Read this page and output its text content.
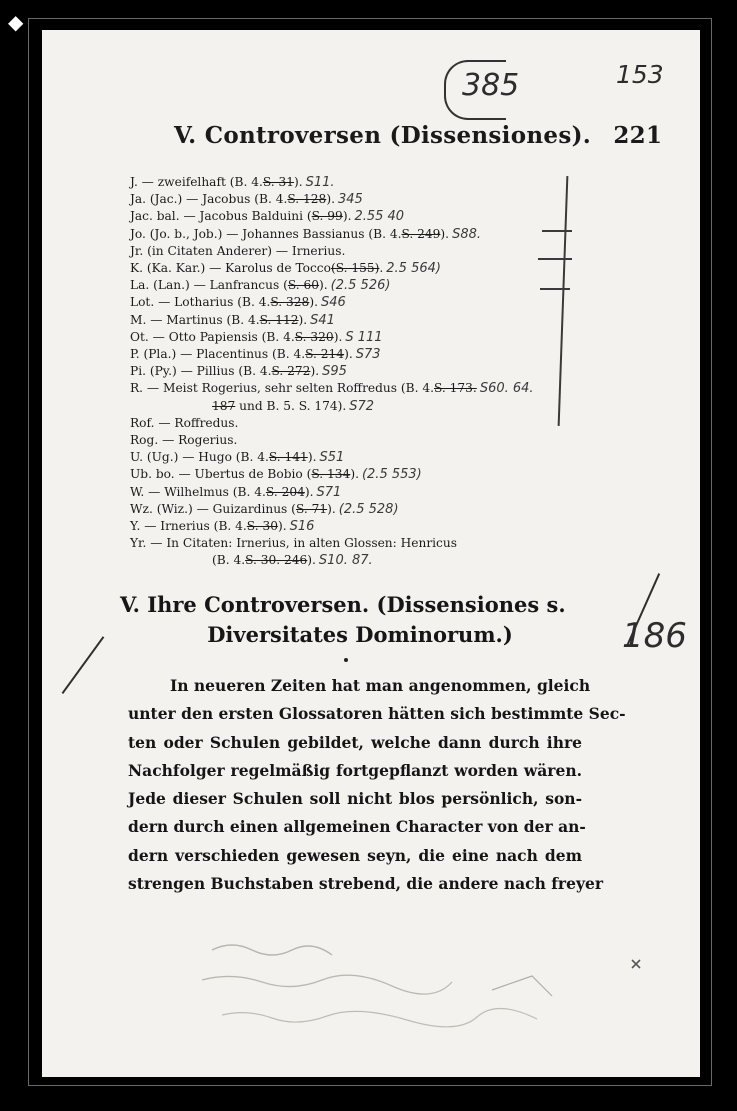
◆
153
385
V. Controversen (Dissensiones). 221
J. — zweifelhaft (B. 4.S. 31). S11.
Ja. (Jac.) — Jacobus (B. 4.S. 128). 345
Jac. bal. — Jacobus Balduini (S. 99). 2.55 40
Jo. (Jo. b., Job.) — Johannes Bassianus (B. 4.S. 249). S88.
Jr. (in Citaten Anderer) — Irnerius.
K. (Ka. Kar.) — Karolus de Tocco(S. 155). 2.5 564)
La. (Lan.) — Lanfrancus (S. 60). (2.5 526)
Lot. — Lotharius (B. 4.S. 328). S46
M. — Martinus (B. 4.S. 112). S41
Ot. — Otto Papiensis (B. 4.S. 320). S 111
P. (Pla.) — Placentinus (B. 4.S. 214). S73
Pi. (Py.) — Pillius (B. 4.S. 272). S95
R. — Meist Rogerius, sehr selten Roffredus (B. 4.S. 173. S60. 64.
187 und B. 5. S. 174). S72
Rof. — Roffredus.
Rog. — Rogerius.
U. (Ug.) — Hugo (B. 4.S. 141). S51
Ub. bo. — Ubertus de Bobio (S. 134). (2.5 553)
W. — Wilhelmus (B. 4.S. 204). S71
Wz. (Wiz.) — Guizardinus (S. 71). (2.5 528)
Y. — Irnerius (B. 4.S. 30). S16
Yr. — In Citaten: Irnerius, in alten Glossen: Henricus
(B. 4.S. 30. 246). S10. 87.
V. Ihre Controversen. (Dissensiones s.
Diversitates Dominorum.)	186
In neueren Zeiten hat man angenommen, gleich
unter den ersten Glossatoren hätten sich bestimmte Sec-
ten oder Schulen gebildet, welche dann durch ihre
Nachfolger regelmäßig fortgepflanzt worden wären.
Jede dieser Schulen soll nicht blos persönlich, son-
dern durch einen allgemeinen Character von der an-
dern verschieden gewesen seyn, die eine nach dem
strengen Buchstaben strebend, die andere nach freyer
